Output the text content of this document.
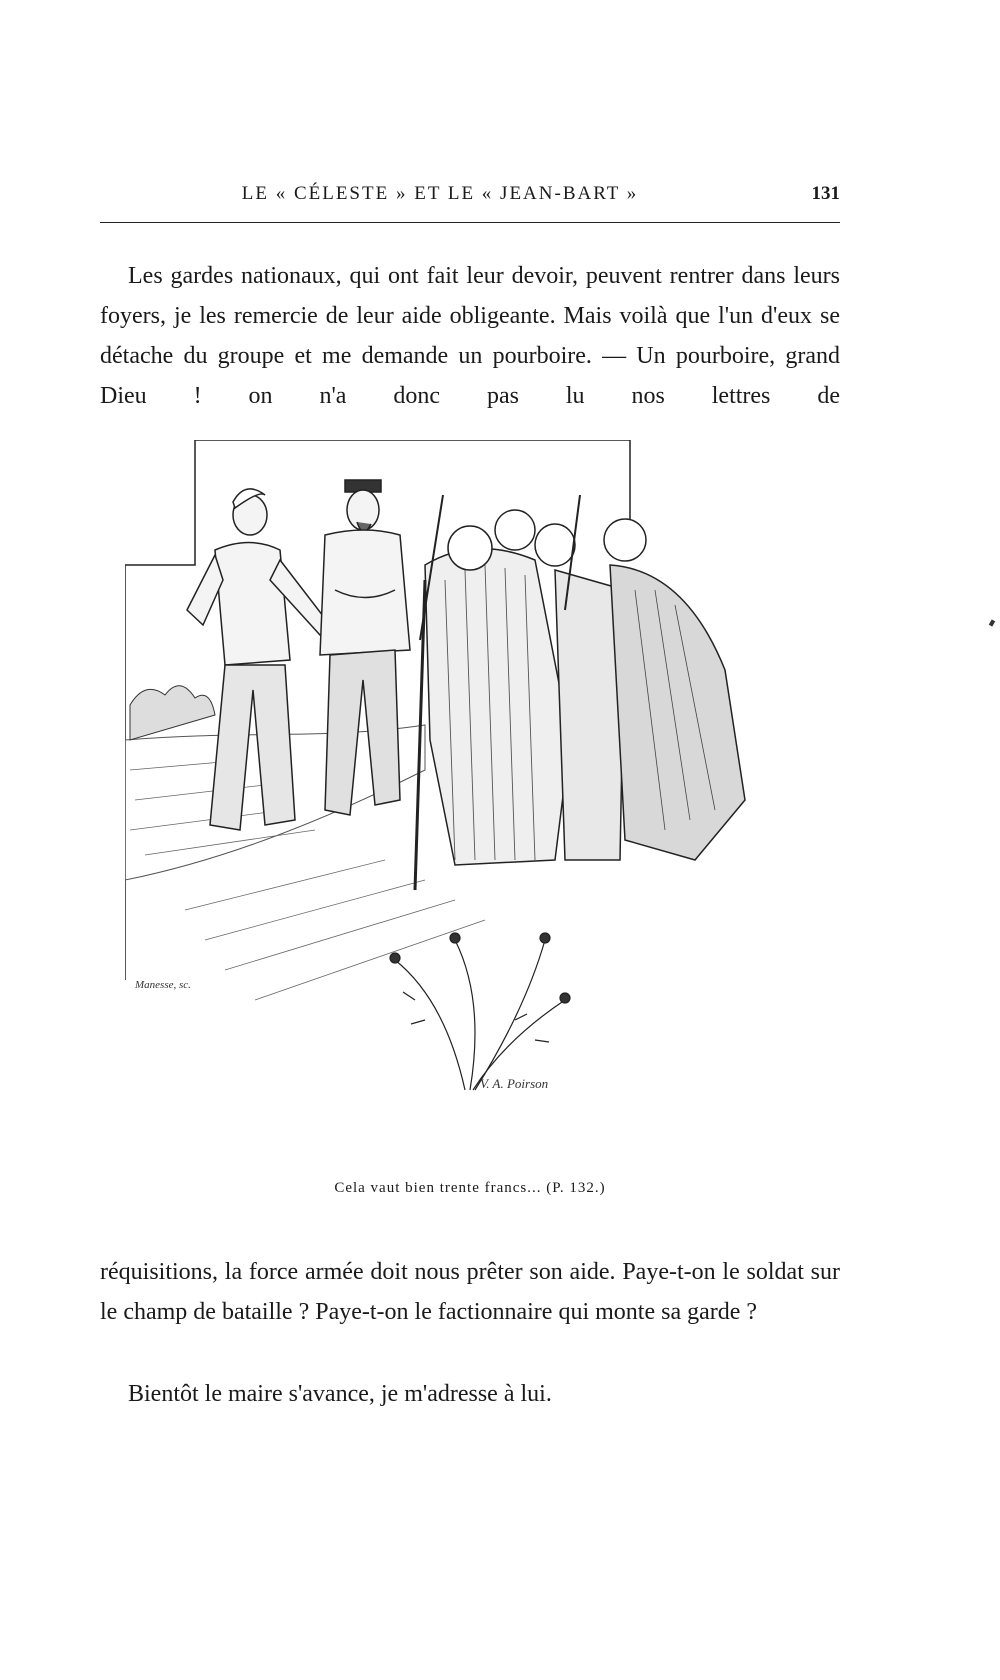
LE « CÉLESTE » ET LE « JEAN-BART »	131

Les gardes nationaux, qui ont fait leur devoir, peuvent rentrer dans leurs foyers, je les remercie de leur aide obligeante. Mais voilà que l'un d'eux se détache du groupe et me demande un pourboire. — Un pourboire, grand Dieu ! on n'a donc pas lu nos lettres de

Manesse, sc.
V. A. Poirson
Cela vaut bien trente francs... (P. 132.)

réquisitions, la force armée doit nous prêter son aide. Paye-t-on le soldat sur le champ de bataille ? Paye-t-on le factionnaire qui monte sa garde ?

Bientôt le maire s'avance, je m'adresse à lui.
